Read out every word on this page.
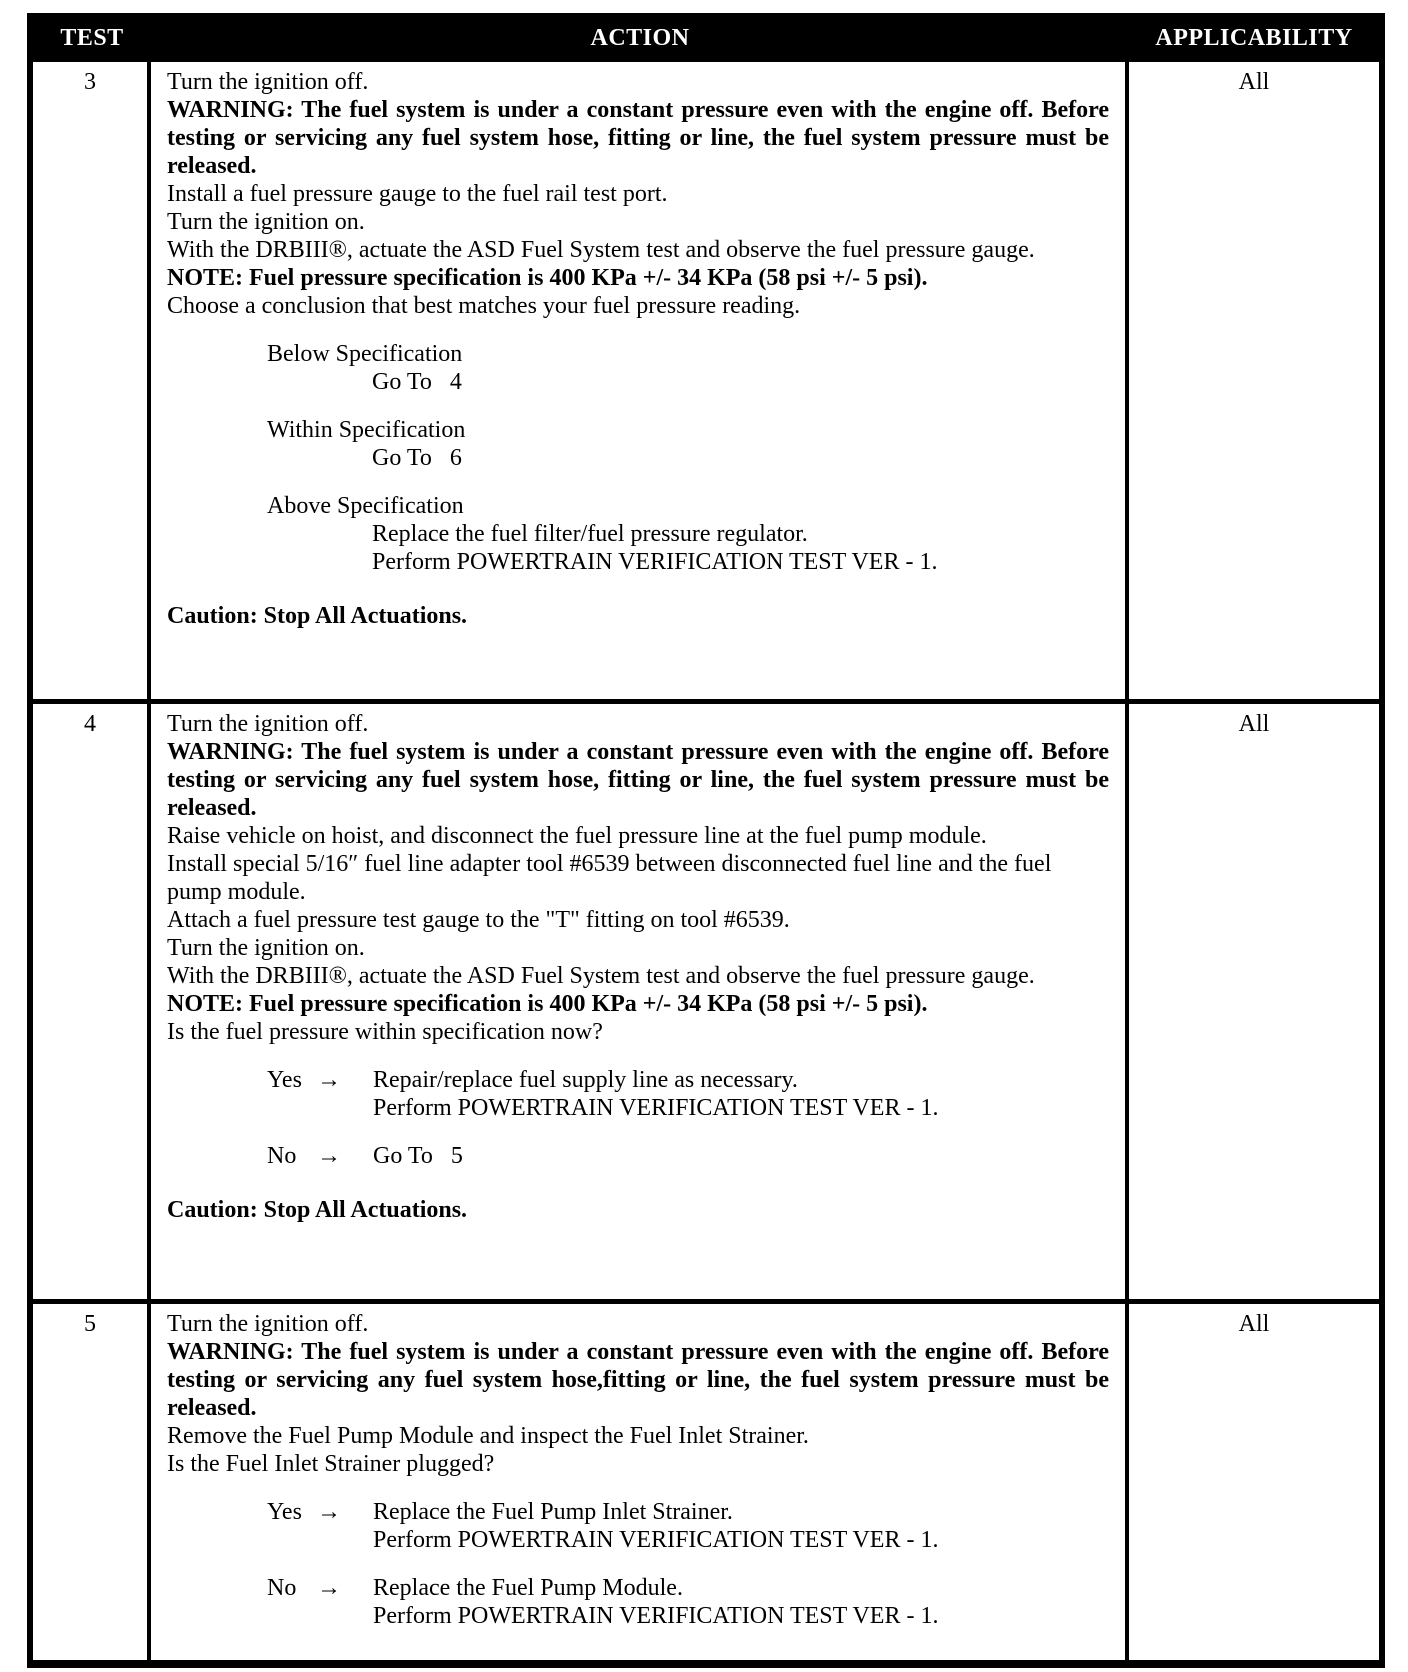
TEST	ACTION	APPLICABILITY
3	Turn the ignition off.

WARNING: The fuel system is under a constant pressure even with the engine off. Before testing or servicing any fuel system hose, fitting or line, the fuel system pressure must be released.

Install a fuel pressure gauge to the fuel rail test port.

Turn the ignition on.

With the DRBIII®, actuate the ASD Fuel System test and observe the fuel pressure gauge.

NOTE: Fuel pressure specification is 400 KPa +/- 34 KPa (58 psi +/- 5 psi).

Choose a conclusion that best matches your fuel pressure reading.

Below Specification
Go To   4
Within Specification
Go To   6
Above Specification
Replace the fuel filter/fuel pressure regulator.
Perform POWERTRAIN VERIFICATION TEST VER - 1.

Caution: Stop All Actuations.

All
4	Turn the ignition off.

WARNING: The fuel system is under a constant pressure even with the engine off. Before testing or servicing any fuel system hose, fitting or line, the fuel system pressure must be released.

Raise vehicle on hoist, and disconnect the fuel pressure line at the fuel pump module.

Install special 5/16″ fuel line adapter tool #6539 between disconnected fuel line and the fuel pump module.

Attach a fuel pressure test gauge to the "T" fitting on tool #6539.

Turn the ignition on.

With the DRBIII®, actuate the ASD Fuel System test and observe the fuel pressure gauge.

NOTE: Fuel pressure specification is 400 KPa +/- 34 KPa (58 psi +/- 5 psi).

Is the fuel pressure within specification now?

Yes →	Repair/replace fuel supply line as necessary.
Perform POWERTRAIN VERIFICATION TEST VER - 1.
No →	Go To   5

Caution: Stop All Actuations.

All
5	Turn the ignition off.

WARNING: The fuel system is under a constant pressure even with the engine off. Before testing or servicing any fuel system hose,fitting or line, the fuel system pressure must be released.

Remove the Fuel Pump Module and inspect the Fuel Inlet Strainer.

Is the Fuel Inlet Strainer plugged?

Yes →	Replace the Fuel Pump Inlet Strainer.
Perform POWERTRAIN VERIFICATION TEST VER - 1.
No →	Replace the Fuel Pump Module.
Perform POWERTRAIN VERIFICATION TEST VER - 1.
All
